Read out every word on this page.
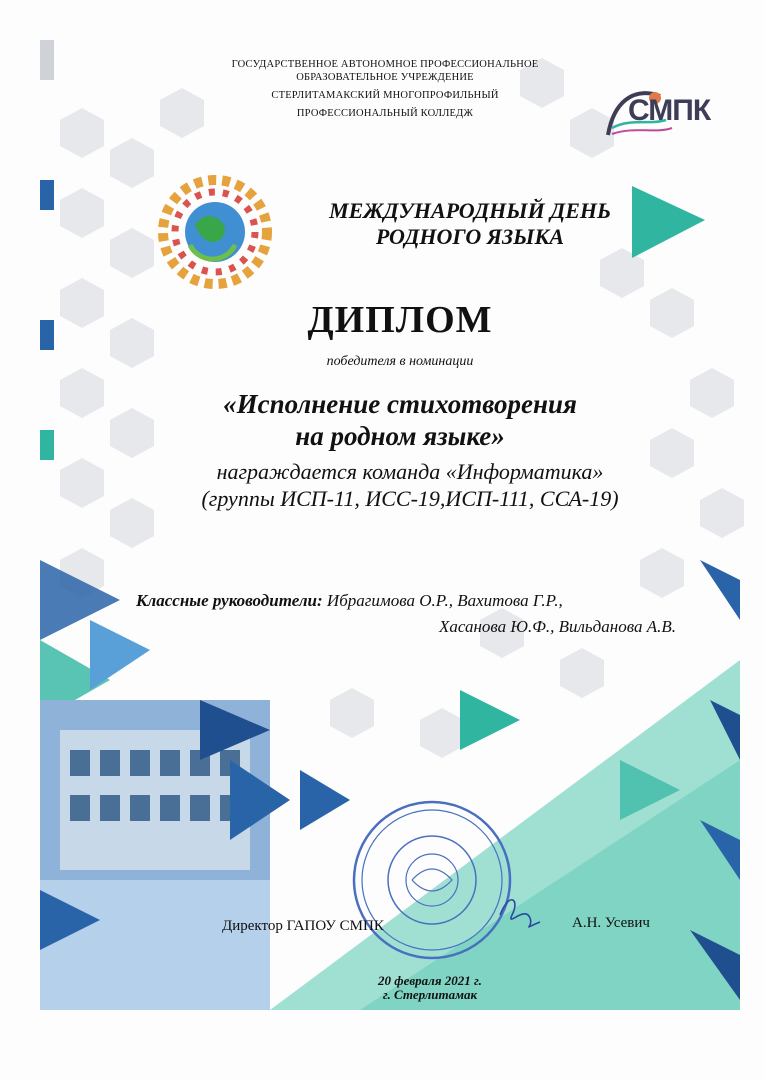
СМПК
ГОСУДАРСТВЕННОЕ АВТОНОМНОЕ ПРОФЕССИОНАЛЬНОЕ
ОБРАЗОВАТЕЛЬНОЕ УЧРЕЖДЕНИЕ
СТЕРЛИТАМАКСКИЙ МНОГОПРОФИЛЬНЫЙ
ПРОФЕССИОНАЛЬНЫЙ КОЛЛЕДЖ
МЕЖДУНАРОДНЫЙ ДЕНЬ
РОДНОГО ЯЗЫКА
ДИПЛОМ
победителя в номинации
«Исполнение стихотворения
на родном языке»
награждается команда «Информатика»
(группы ИСП-11, ИСС-19,ИСП-111, ССА-19)
Классные руководители: Ибрагимова О.Р., Вахитова Г.Р.,
Хасанова Ю.Ф., Вильданова А.В.
Директор ГАПОУ СМПК	А.Н. Усевич
20 февраля 2021 г.
г. Стерлитамак
